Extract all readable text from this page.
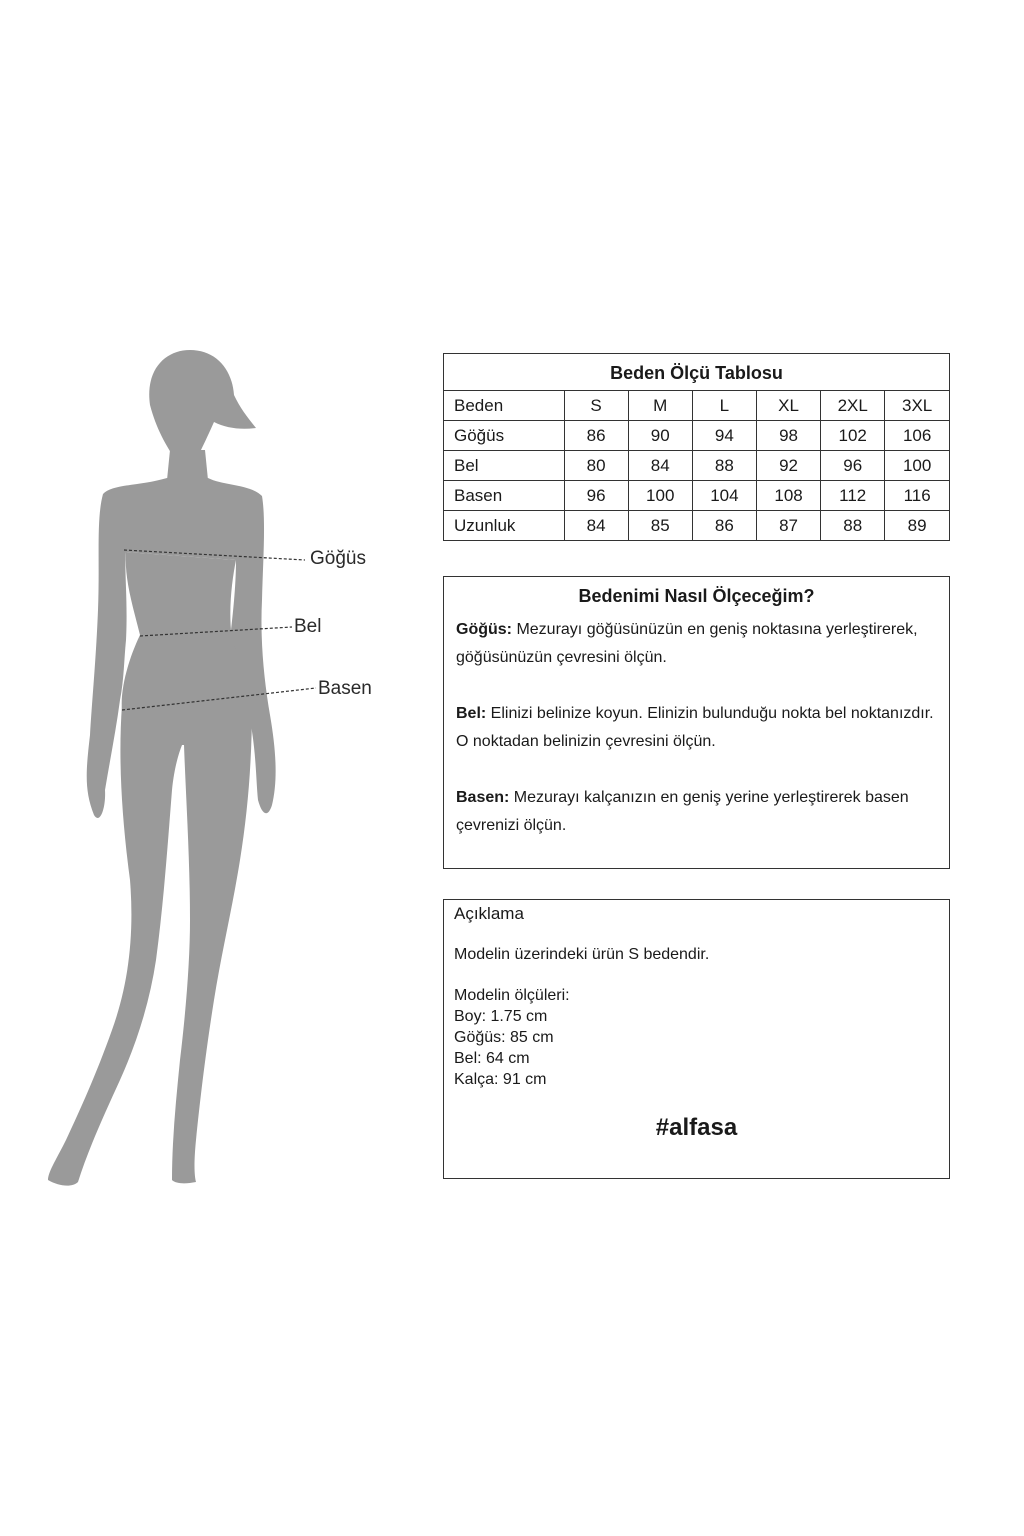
Göğüs
Bel
Basen
Beden Ölçü Tablosu
Beden	S	M	L	XL	2XL	3XL
Göğüs	86	90	94	98	102	106
Bel	80	84	88	92	96	100
Basen	96	100	104	108	112	116
Uzunluk	84	85	86	87	88	89
Bedenimi Nasıl Ölçeceğim?

Göğüs: Mezurayı göğüsünüzün en geniş noktasına yerleştirerek, göğüsünüzün çevresini ölçün.

Bel: Elinizi belinize koyun. Elinizin bulunduğu nokta bel noktanızdır. O noktadan belinizin çevresini ölçün.

Basen: Mezurayı kalçanızın en geniş yerine yerleştirerek basen çevrenizi ölçün.

Açıklama
Modelin üzerindeki ürün S bedendir.
Modelin ölçüleri:
Boy: 1.75 cm
Göğüs: 85 cm
Bel: 64 cm
Kalça: 91 cm
#alfasa
